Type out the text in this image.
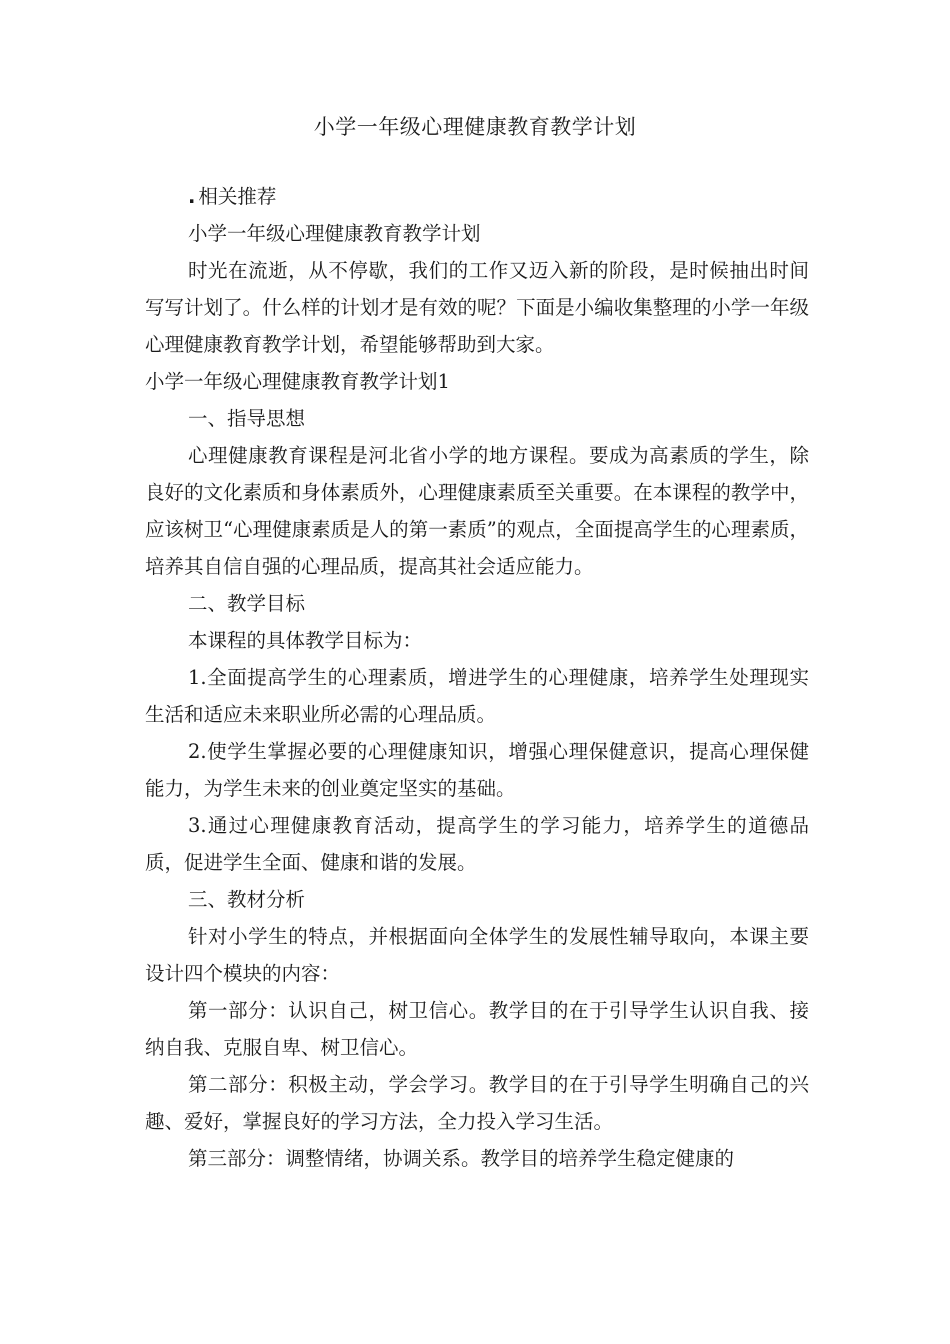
小学一年级心理健康教育教学计划

. 相关推荐

小学一年级心理健康教育教学计划

时光在流逝，从不停歇，我们的工作又迈入新的阶段，是时候抽出时间写写计划了。什么样的计划才是有效的呢？下面是小编收集整理的小学一年级心理健康教育教学计划，希望能够帮助到大家。

小学一年级心理健康教育教学计划1

一、指导思想

心理健康教育课程是河北省小学的地方课程。要成为高素质的学生，除良好的文化素质和身体素质外，心理健康素质至关重要。在本课程的教学中，应该树卫“心理健康素质是人的第一素质”的观点，全面提高学生的心理素质，培养其自信自强的心理品质，提高其社会适应能力。

二、教学目标

本课程的具体教学目标为：

1.全面提高学生的心理素质，增进学生的心理健康，培养学生处理现实生活和适应未来职业所必需的心理品质。

2.使学生掌握必要的心理健康知识，增强心理保健意识，提高心理保健能力，为学生未来的创业奠定坚实的基础。

3.通过心理健康教育活动，提高学生的学习能力，培养学生的道德品质，促进学生全面、健康和谐的发展。

三、教材分析

针对小学生的特点，并根据面向全体学生的发展性辅导取向，本课主要设计四个模块的内容：

第一部分：认识自己，树卫信心。教学目的在于引导学生认识自我、接纳自我、克服自卑、树卫信心。

第二部分：积极主动，学会学习。教学目的在于引导学生明确自己的兴趣、爱好，掌握良好的学习方法，全力投入学习生活。

第三部分：调整情绪，协调关系。教学目的培养学生稳定健康的
